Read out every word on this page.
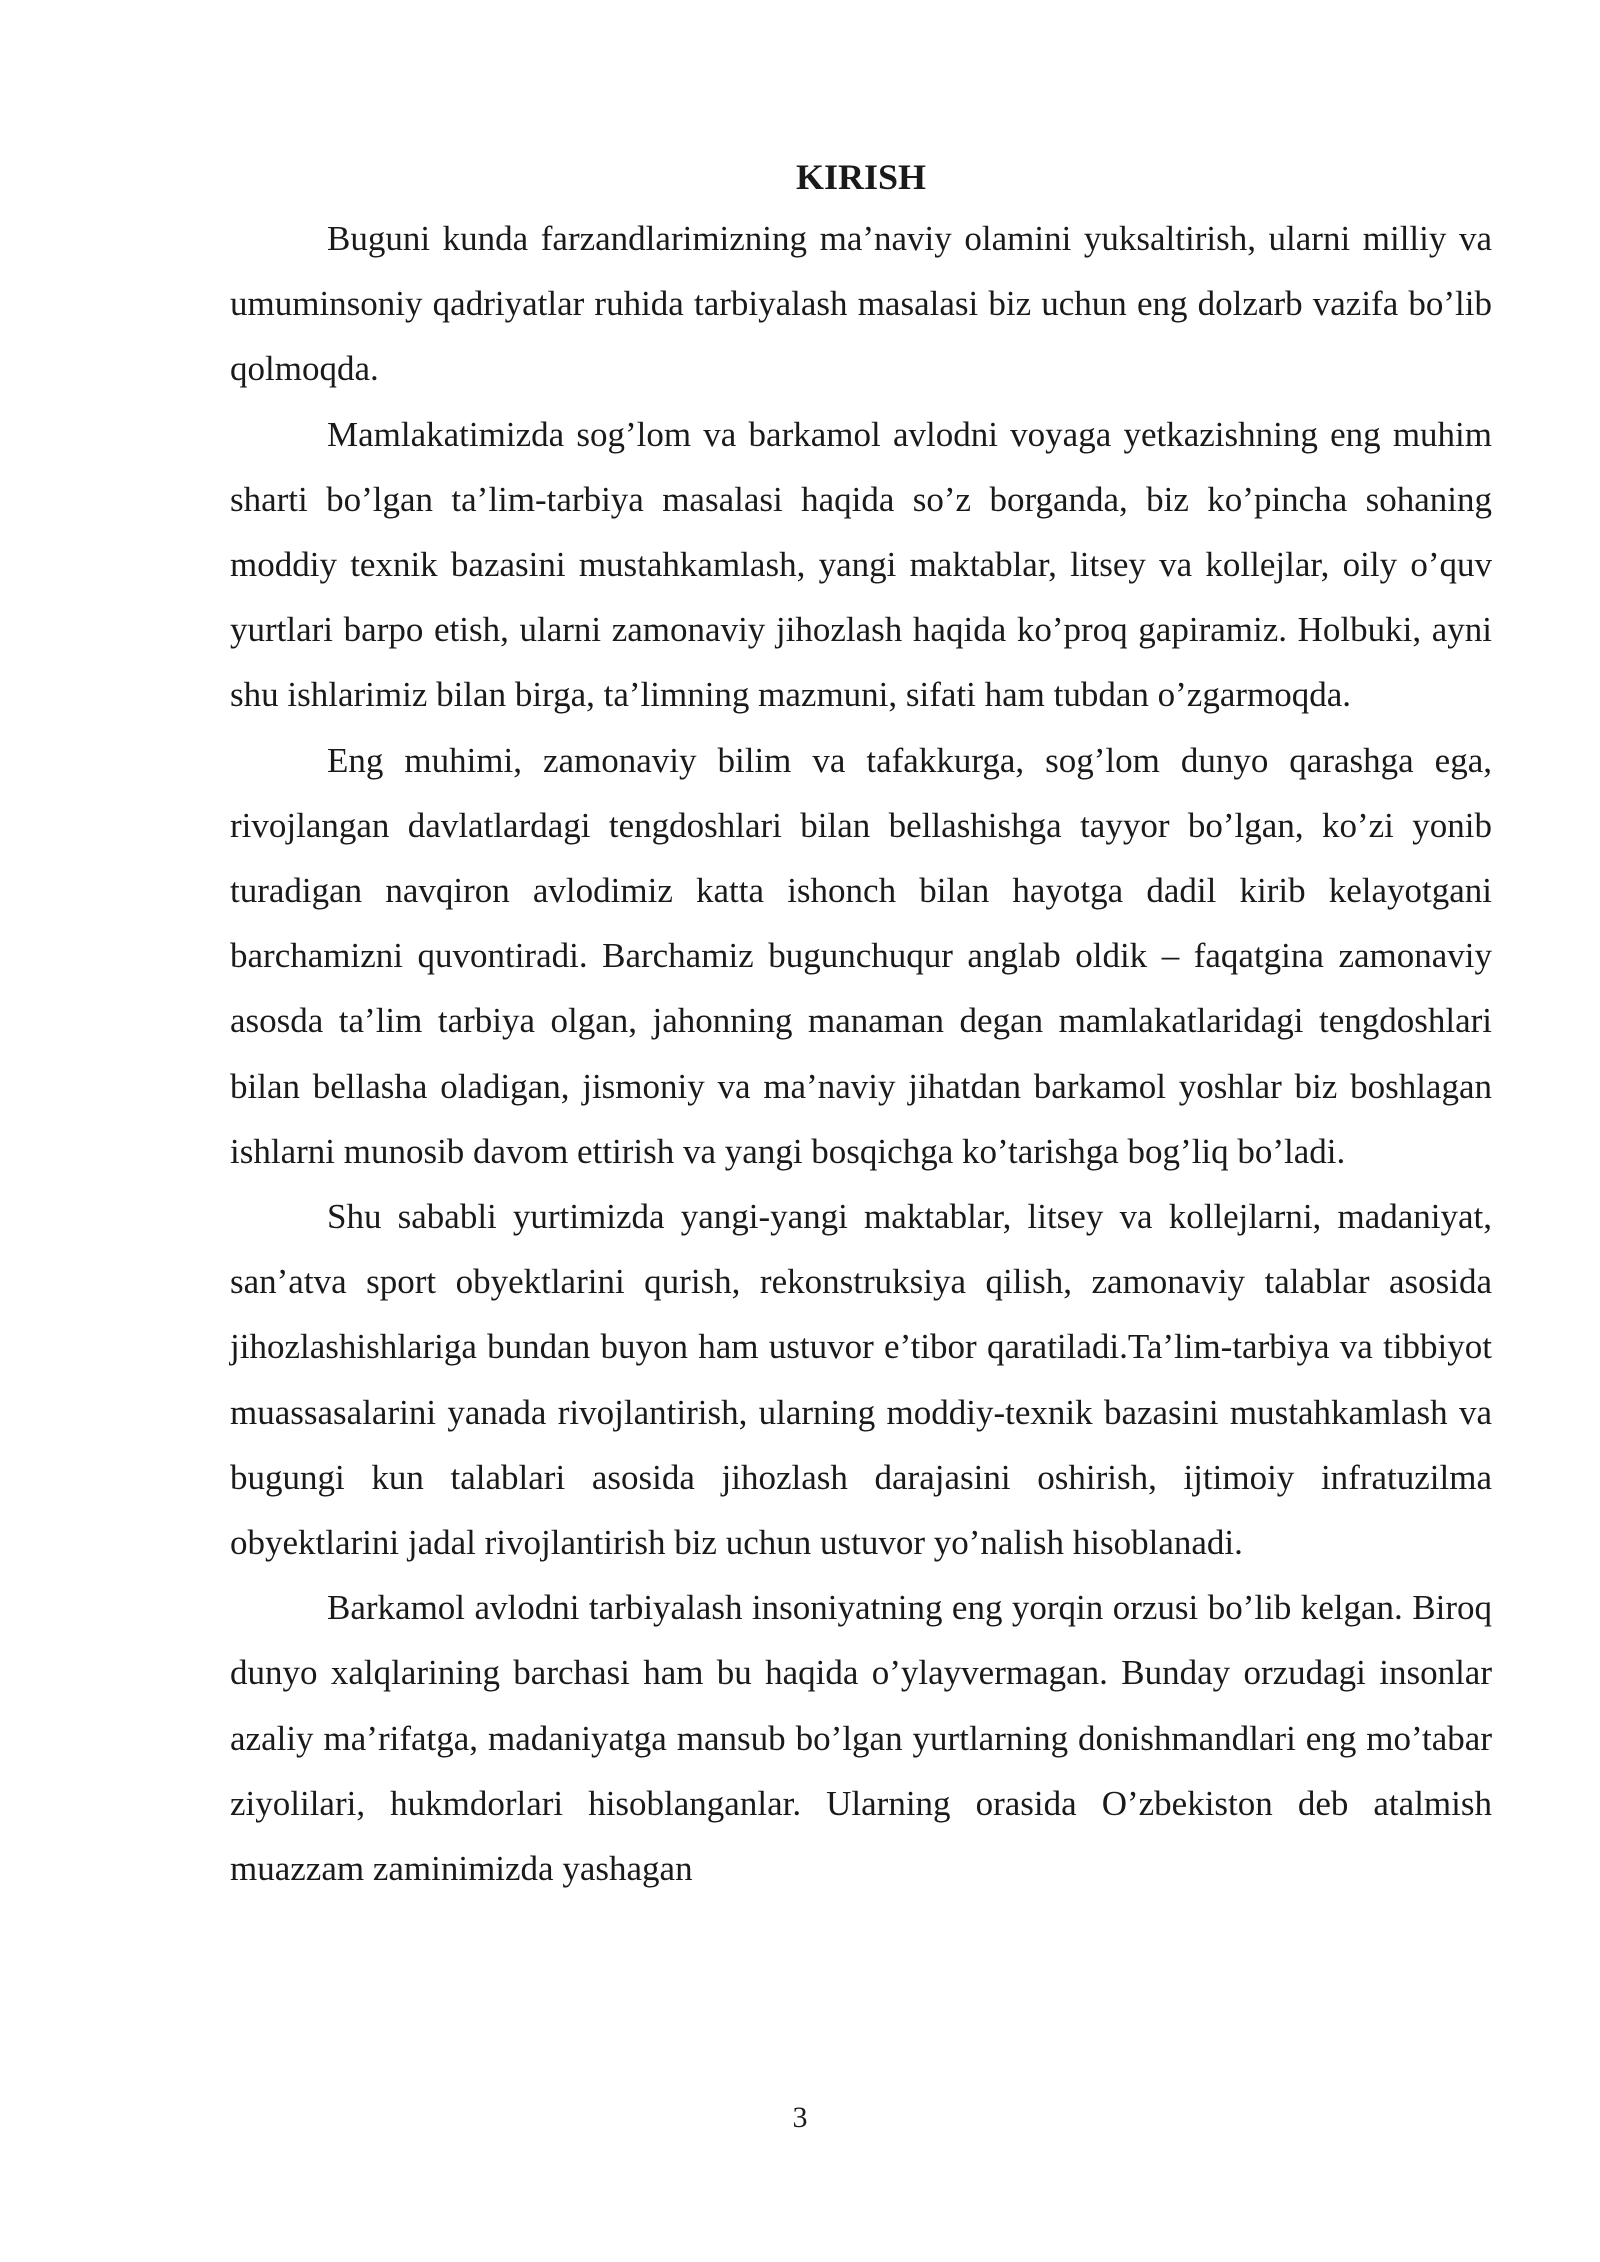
KIRISH

Buguni kunda farzandlarimizning ma’naviy olamini yuksaltirish, ularni milliy va umuminsoniy qadriyatlar ruhida tarbiyalash masalasi biz uchun eng dolzarb vazifa bo’lib qolmoqda.

Mamlakatimizda sog’lom va barkamol avlodni voyaga yetkazishning eng muhim sharti bo’lgan ta’lim-tarbiya masalasi haqida so’z borganda, biz ko’pincha sohaning moddiy texnik bazasini mustahkamlash, yangi maktablar, litsey va kollejlar, oily o’quv yurtlari barpo etish, ularni zamonaviy jihozlash haqida ko’proq gapiramiz. Holbuki, ayni shu ishlarimiz bilan birga, ta’limning mazmuni, sifati ham tubdan o’zgarmoqda.

Eng muhimi, zamonaviy bilim va tafakkurga, sog’lom dunyo qarashga ega, rivojlangan davlatlardagi tengdoshlari bilan bellashishga tayyor bo’lgan, ko’zi yonib turadigan navqiron avlodimiz katta ishonch bilan hayotga dadil kirib kelayotgani barchamizni quvontiradi. Barchamiz bugunchuqur anglab oldik – faqatgina zamonaviy asosda ta’lim tarbiya olgan, jahonning manaman degan mamlakatlaridagi tengdoshlari bilan bellasha oladigan, jismoniy va ma’naviy jihatdan barkamol yoshlar biz boshlagan ishlarni munosib davom ettirish va yangi bosqichga ko’tarishga bog’liq bo’ladi.

Shu sababli yurtimizda yangi-yangi maktablar, litsey va kollejlarni, madaniyat, san’atva sport obyektlarini qurish, rekonstruksiya qilish, zamonaviy talablar asosida jihozlashishlariga bundan buyon ham ustuvor e’tibor qaratiladi.Ta’lim-tarbiya va tibbiyot muassasalarini yanada rivojlantirish, ularning moddiy-texnik bazasini mustahkamlash va bugungi kun talablari asosida jihozlash darajasini oshirish, ijtimoiy infratuzilma obyektlarini jadal rivojlantirish biz uchun ustuvor yo’nalish hisoblanadi.

Barkamol avlodni tarbiyalash insoniyatning eng yorqin orzusi bo’lib kelgan. Biroq dunyo xalqlarining barchasi ham bu haqida o’ylayvermagan. Bunday orzudagi insonlar azaliy ma’rifatga, madaniyatga mansub bo’lgan yurtlarning donishmandlari eng mo’tabar ziyolilari, hukmdorlari hisoblanganlar. Ularning orasida O’zbekiston deb atalmish muazzam zaminimizda yashagan

3
